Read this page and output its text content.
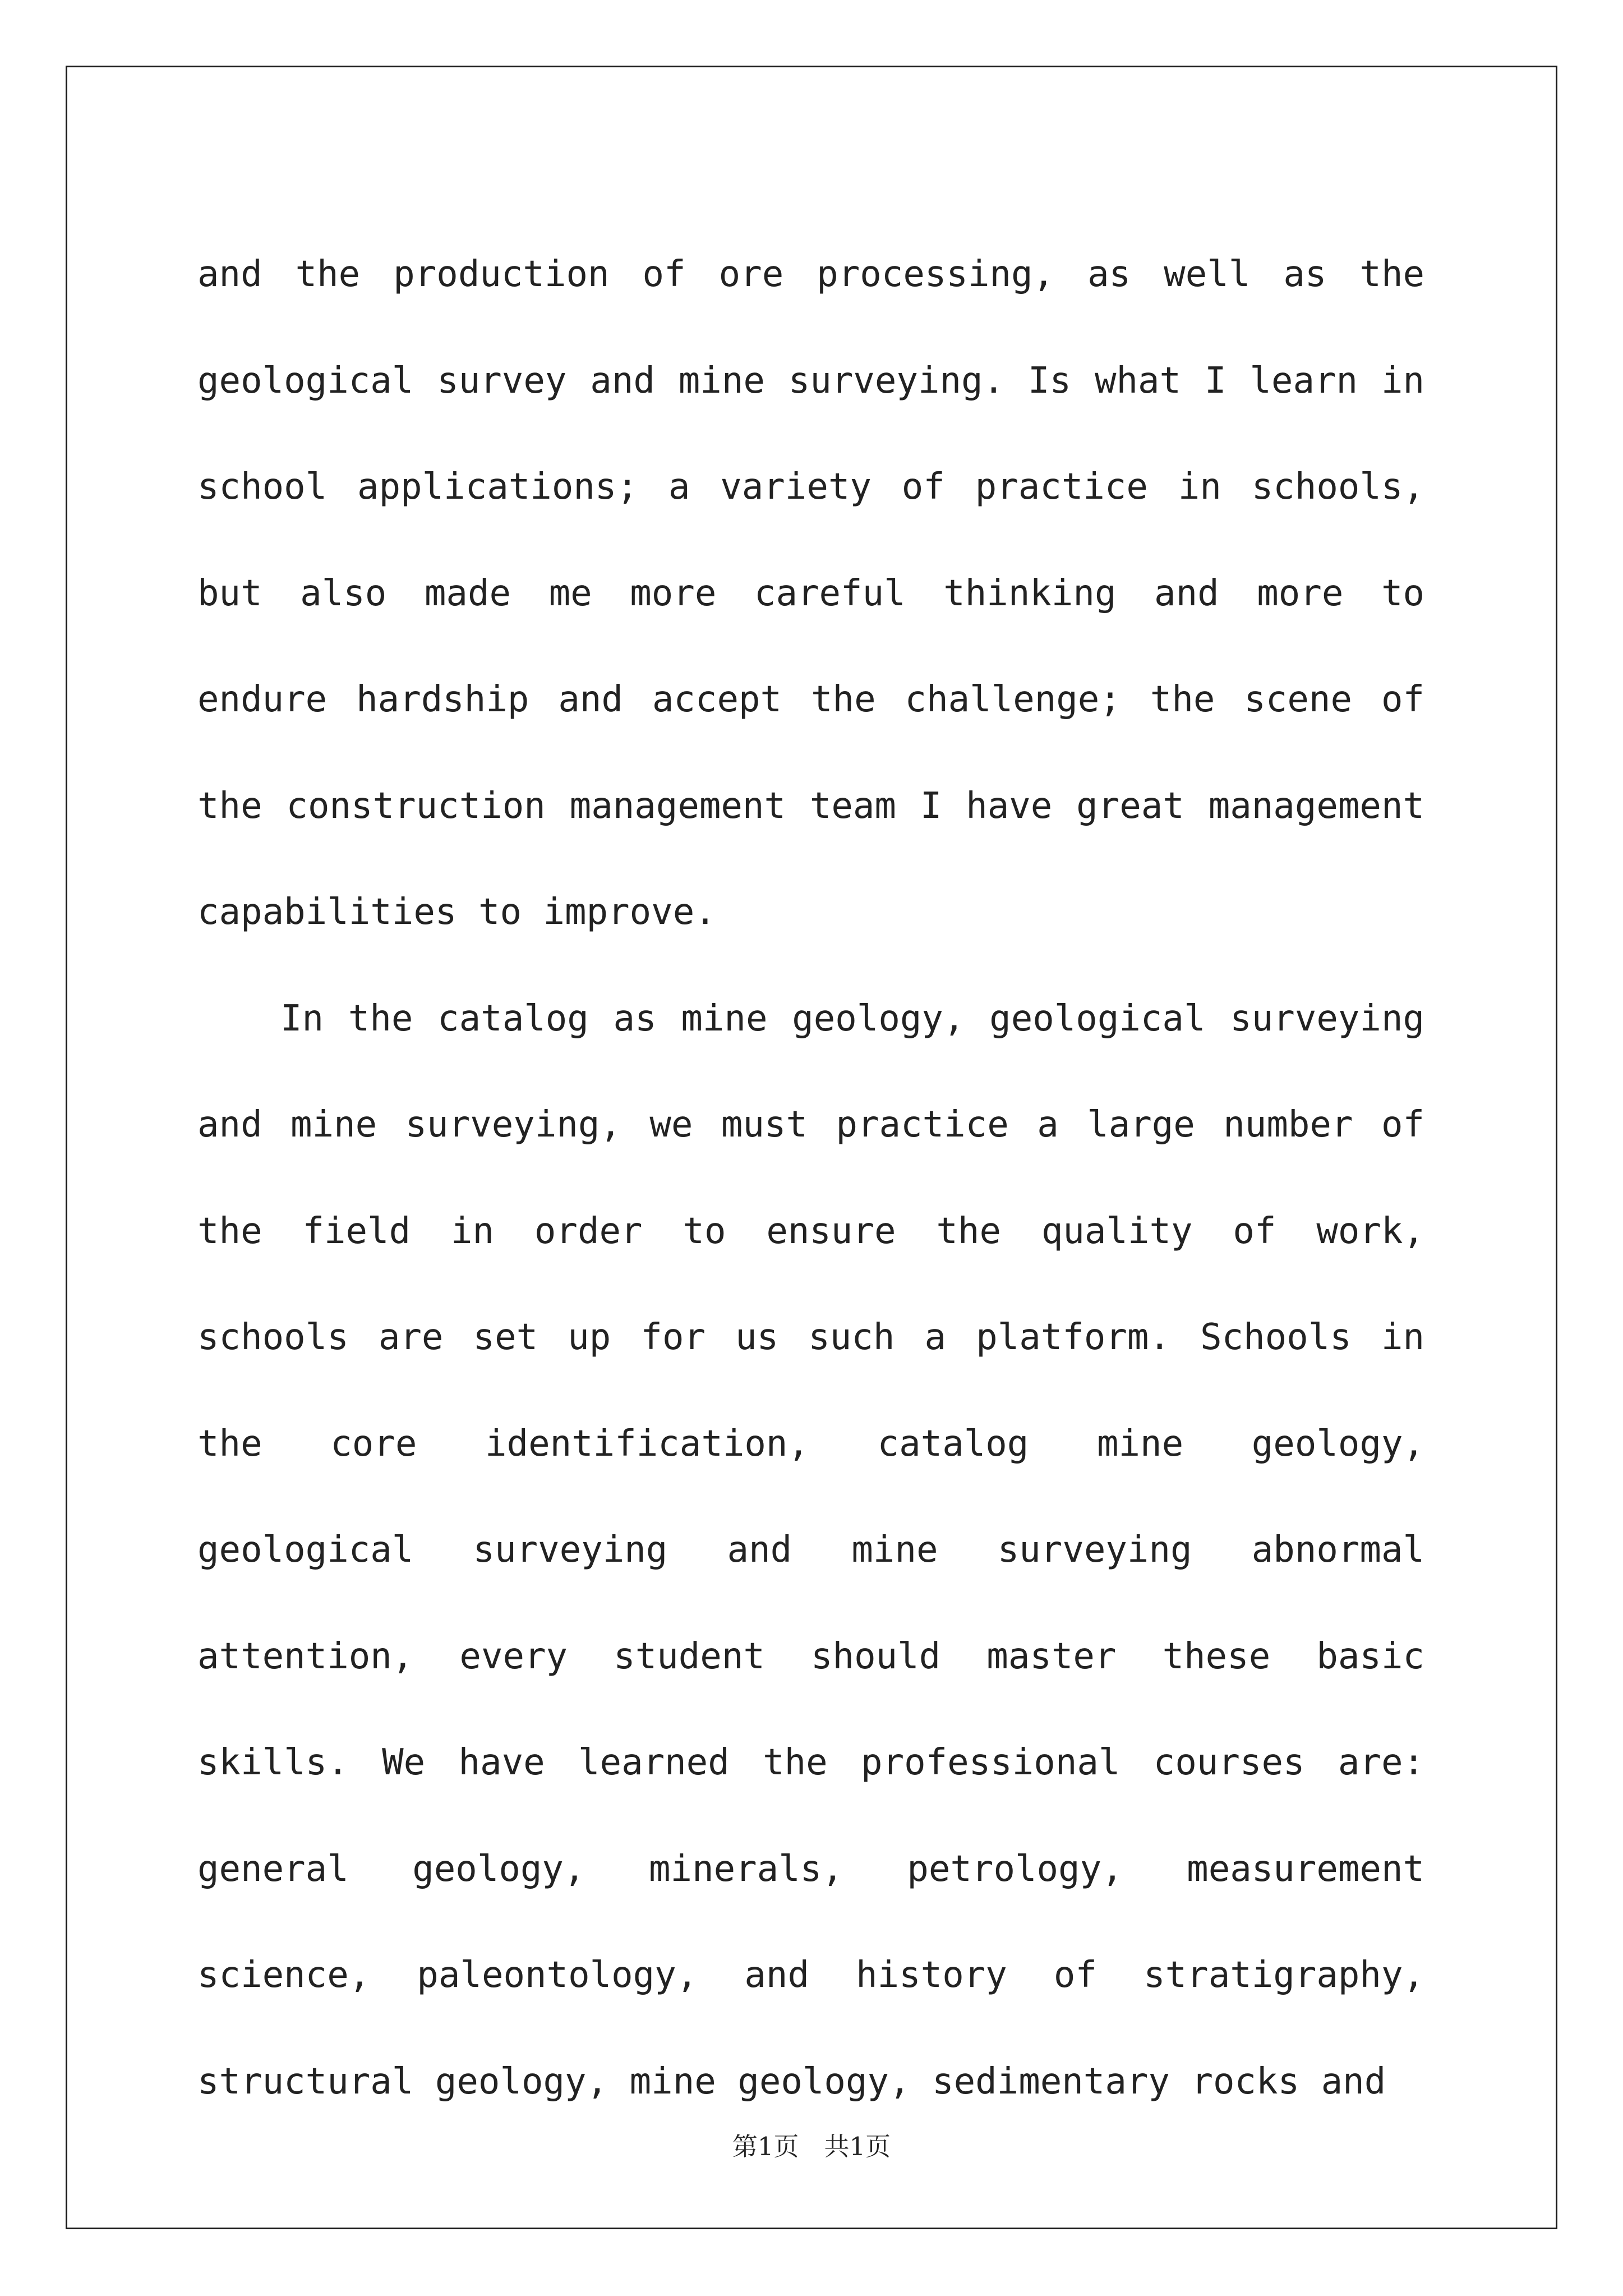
and the production of ore processing, as well as the geological survey and mine surveying. Is what I learn in school applications; a variety of practice in schools, but also made me more careful thinking and more to endure hardship and accept the challenge; the scene of the construction management team I have great management capabilities to improve.

In the catalog as mine geology, geological surveying and mine surveying, we must practice a large number of the field in order to ensure the quality of work, schools are set up for us such a platform. Schools in the core identification, catalog mine geology, geological surveying and mine surveying abnormal attention, every student should master these basic skills. We have learned the professional courses are: general geology, minerals, petrology, measurement science, paleontology, and history of stratigraphy, structural geology, mine geology, sedimentary rocks and

第1页 共1页
